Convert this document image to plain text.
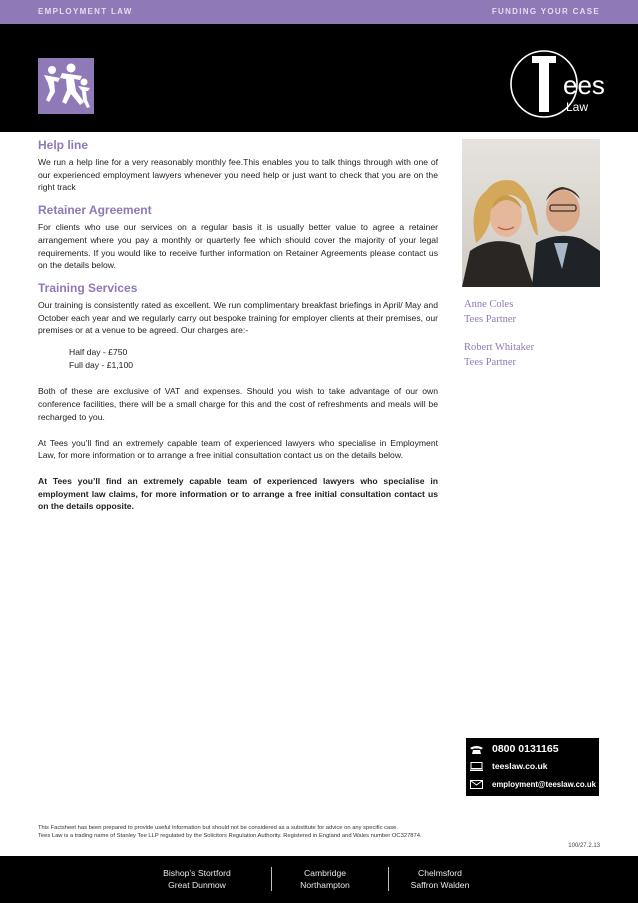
EMPLOYMENT LAW	FUNDING YOUR CASE
ees
Law
Help line

We run a help line for a very reasonably monthly fee.This enables you to talk things through with one of our experienced employment lawyers whenever you need help or just want to check that you are on the right track

Retainer Agreement

For clients who use our services on a regular basis it is usually better value to agree a retainer arrangement where you pay a monthly or quarterly fee which should cover the majority of your legal requirements. If you would like to receive further information on Retainer Agreements please contact us on the details below.

Training Services

Our training is consistently rated as excellent. We run complimentary breakfast briefings in April/ May and October each year and we regularly carry out bespoke training for employer clients at their premises, our premises or at a venue to be agreed. Our charges are:-

Half day - £750
Full day - £1,100

Both of these are exclusive of VAT and expenses. Should you wish to take advantage of our own conference facilities, there will be a small charge for this and the cost of refreshments and meals will be recharged to you.

At Tees you’ll find an extremely capable team of experienced lawyers who specialise in Employment Law, for more information or to arrange a free initial consultation contact us on the details below.

At Tees you’ll find an extremely capable team of experienced lawyers who specialise in employment law claims, for more information or to arrange a free initial consultation contact us on the details opposite.

Anne Coles
Tees Partner
Robert Whitaker
Tees Partner
0800 0131165
teeslaw.co.uk
employment@teeslaw.co.uk
This Factsheet has been prepared to provide useful information but should not be considered as a substitute for advice on any specific case.
Tees Law is a trading name of Stanley Tee LLP regulated by the Solicitors Regulation Authority. Registered in England and Wales number OC327874.
100/27.2.13
Bishop’s Stortford
Great Dunmow
Cambridge
Northampton
Chelmsford
Saffron Walden
